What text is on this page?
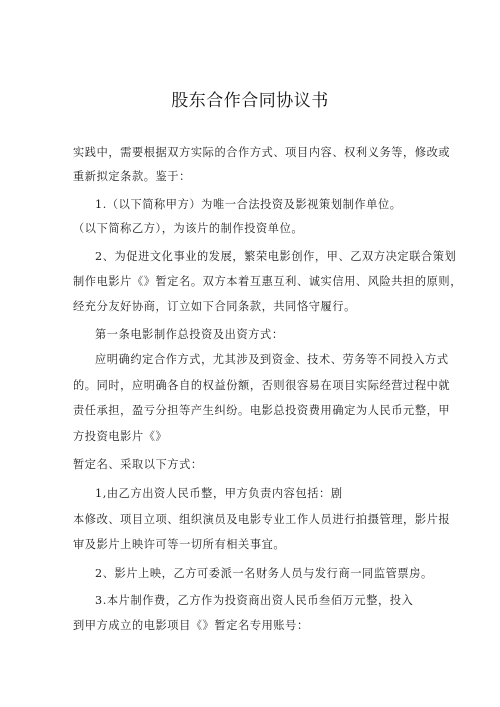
股东合作合同协议书
实践中，需要根据双方实际的合作方式、项目内容、权利义务等，修改或
重新拟定条款。鉴于：
1.（以下简称甲方）为唯一合法投资及影视策划制作单位。
（以下简称乙方），为该片的制作投资单位。
2、为促进文化事业的发展，繁荣电影创作，甲、乙双方决定联合策划
制作电影片《》暂定名。双方本着互惠互利、诚实信用、风险共担的原则，
经充分友好协商，订立如下合同条款，共同恪守履行。
第一条电影制作总投资及出资方式：
应明确约定合作方式，尤其涉及到资金、技术、劳务等不同投入方式
的。同时，应明确各自的权益份额，否则很容易在项目实际经营过程中就
责任承担，盈亏分担等产生纠纷。电影总投资费用确定为人民币元整，甲
方投资电影片《》
暂定名、采取以下方式：
1,由乙方出资人民币整，甲方负责内容包括：剧
本修改、项目立项、组织演员及电影专业工作人员进行拍摄管理，影片报
审及影片上映许可等一切所有相关事宜。
2、影片上映，乙方可委派一名财务人员与发行商一同监管票房。
3.本片制作费，乙方作为投资商出资人民币叁佰万元整，投入
到甲方成立的电影项目《》暂定名专用账号：
